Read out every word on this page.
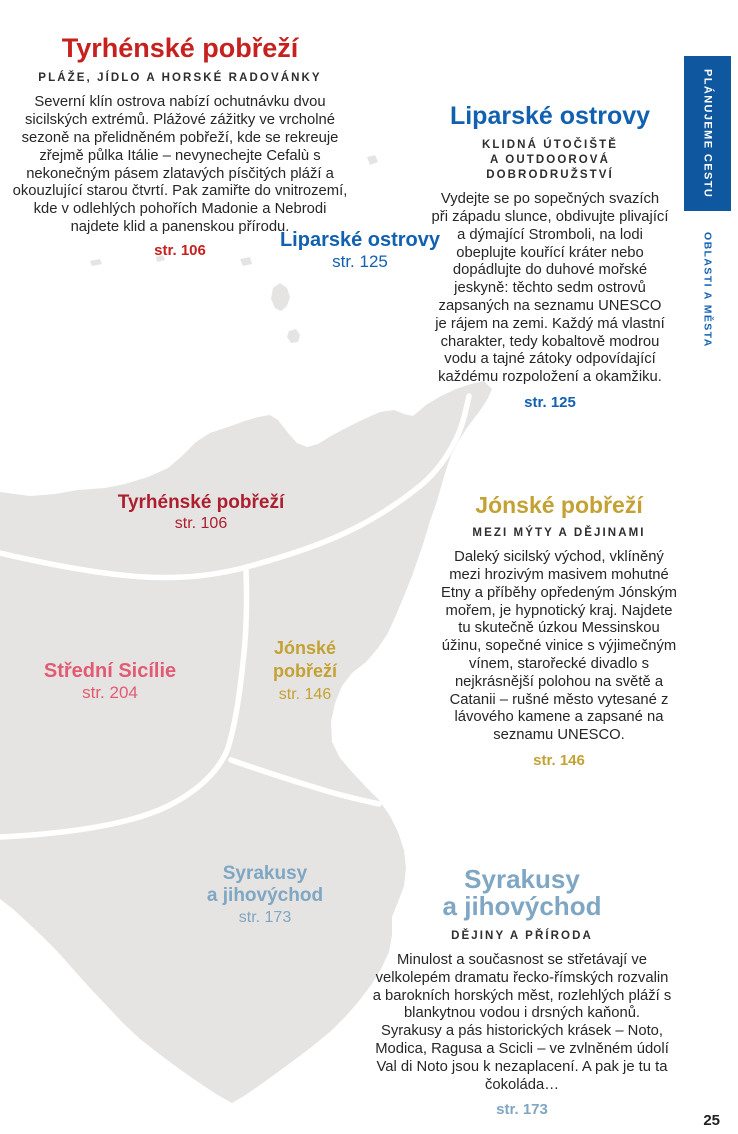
Liparské ostrovy
str. 125
Tyrhénské pobřeží
str. 106
Střední Sicílie
str. 204
Jónské
pobřeží
str. 146
Syrakusy
a jihovýchod
str. 173
Tyrhénské pobřeží
PLÁŽE, JÍDLO A HORSKÉ RADOVÁNKY
Severní klín ostrova nabízí ochutnávku dvou sicilských extrémů. Plážové zážitky ve vrcholné sezoně na přelidněném pobřeží, kde se rekreuje zřejmě půlka Itálie – nevynechejte Cefalù s nekonečným pásem zlatavých písčitých pláží a okouzlující starou čtvrtí. Pak zamiřte do vnitrozemí, kde v odlehlých pohořích Madonie a Nebrodi najdete klid a panenskou přírodu.
str. 106
Liparské ostrovy
KLIDNÁ ÚTOČIŠTĚ
A OUTDOOROVÁ
DOBRODRUŽSTVÍ
Vydejte se po sopečných svazích při západu slunce, obdivujte plivající a dýmající Stromboli, na lodi obeplujte kouřící kráter nebo dopádlujte do duhové mořské jeskyně: těchto sedm ostrovů zapsaných na seznamu UNESCO je rájem na zemi. Každý má vlastní charakter, tedy kobaltově modrou vodu a tajné zátoky odpovídající každému rozpoložení a okamžiku.
str. 125
Jónské pobřeží
MEZI MÝTY A DĚJINAMI
Daleký sicilský východ, vklíněný mezi hrozivým masivem mohutné Etny a příběhy opředeným Jónským mořem, je hypnotický kraj. Najdete tu skutečně úzkou Messinskou úžinu, sopečné vinice s výjimečným vínem, starořecké divadlo s nejkrásnější polohou na světě a Catanii – rušné město vytesané z lávového kamene a zapsané na seznamu UNESCO.
str. 146
Syrakusy
a jihovýchod
DĚJINY A PŘÍRODA
Minulost a současnost se střetávají ve velkolepém dramatu řecko-římských rozvalin a barokních horských měst, rozlehlých pláží s blankytnou vodou i drsných kaňonů. Syrakusy a pás historických krásek – Noto, Modica, Ragusa a Scicli – ve zvlněném údolí Val di Noto jsou k nezaplacení. A pak je tu ta čokoláda…
str. 173
PLÁNUJEME CESTU
OBLASTI A MĚSTA
25
